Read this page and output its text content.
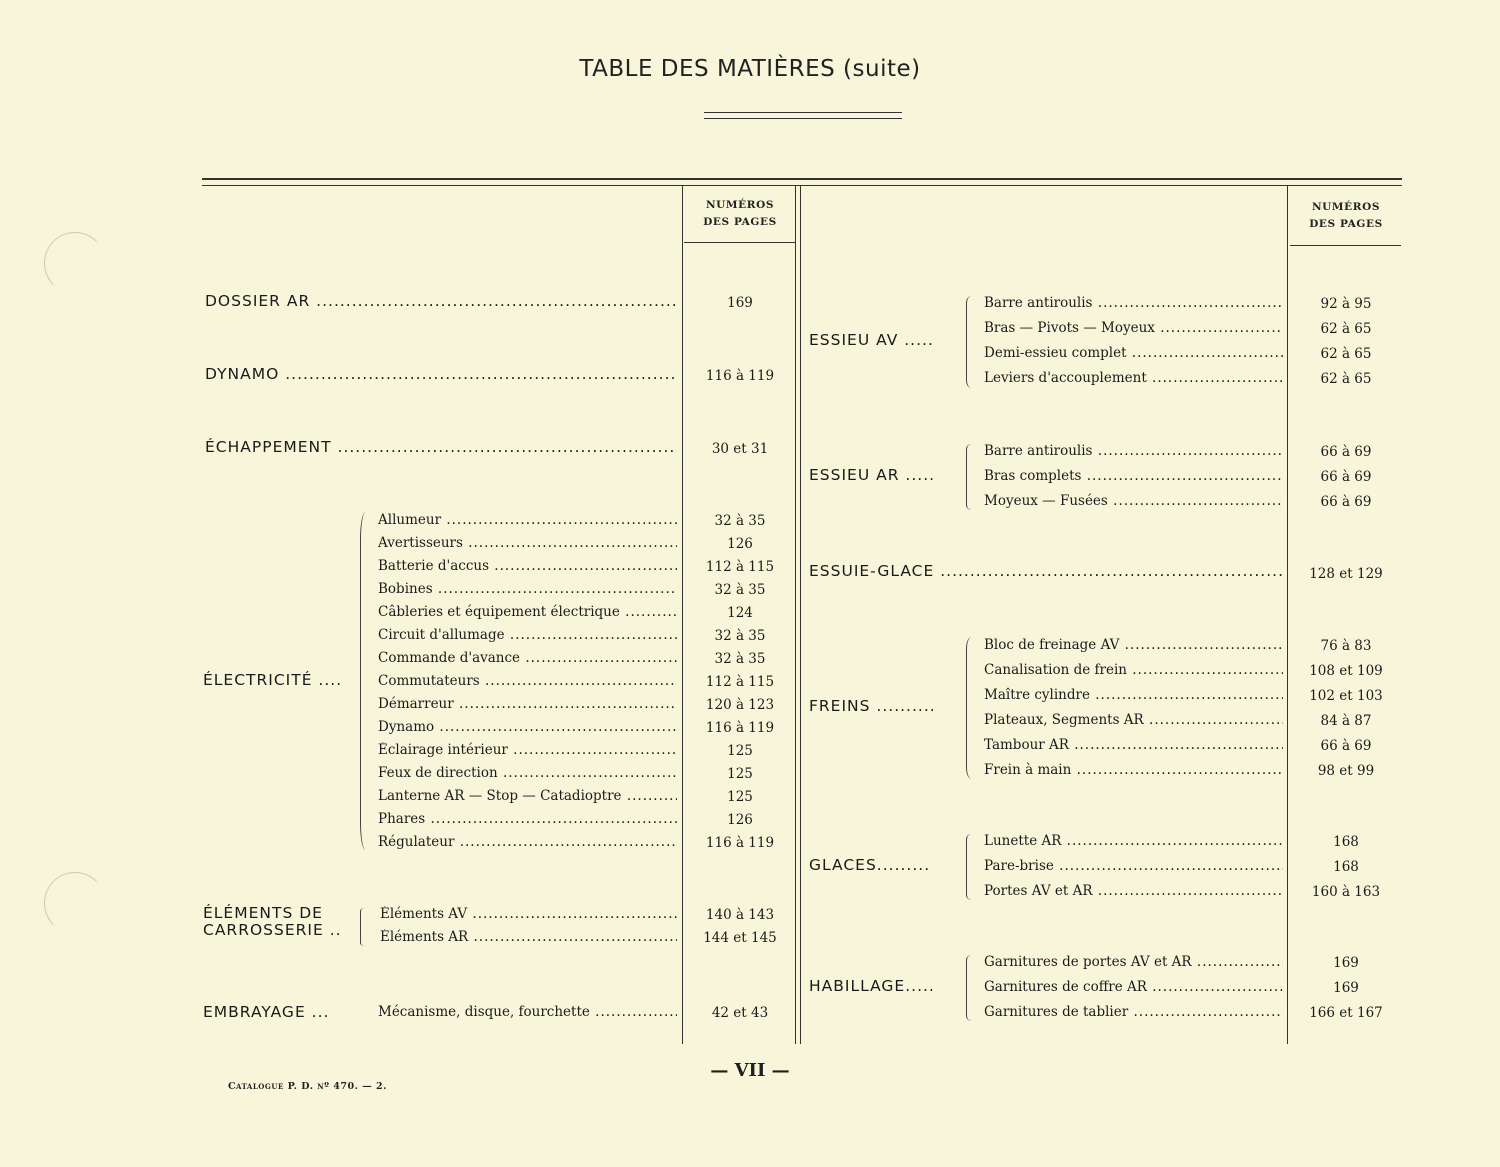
TABLE DES MATIÈRES (suite)
NUMÉROS
DES PAGES
NUMÉROS
DES PAGES
DOSSIER AR .....	169
DYNAMO .....	116 à 119
ÉCHAPPEMENT .....	30 et 31
ÉLECTRICITÉ ....
Allumeur .....	32 à 35
Avertisseurs .....	126
Batterie d'accus .....	112 à 115
Bobines .....	32 à 35
Câbleries et équipement électrique .....	124
Circuit d'allumage .....	32 à 35
Commande d'avance .....	32 à 35
Commutateurs .....	112 à 115
Démarreur .....	120 à 123
Dynamo .....	116 à 119
Éclairage intérieur .....	125
Feux de direction .....	125
Lanterne AR — Stop — Catadioptre .....	125
Phares .....	126
Régulateur .....	116 à 119
ÉLÉMENTS DE
CARROSSERIE ..
Éléments AV .....	140 à 143
Éléments AR .....	144 et 145
EMBRAYAGE ...	Mécanisme, disque, fourchette .....	42 et 43
ESSIEU AV .....
Barre antiroulis .....	92 à 95
Bras — Pivots — Moyeux .....	62 à 65
Demi-essieu complet .....	62 à 65
Leviers d'accouplement .....	62 à 65
ESSIEU AR .....
Barre antiroulis .....	66 à 69
Bras complets .....	66 à 69
Moyeux — Fusées .....	66 à 69
ESSUIE-GLACE .....	128 et 129
FREINS ..........
Bloc de freinage AV .....	76 à 83
Canalisation de frein .....	108 et 109
Maître cylindre .....	102 et 103
Plateaux, Segments AR .....	84 à 87
Tambour AR .....	66 à 69
Frein à main .....	98 et 99
GLACES.........
Lunette AR .....	168
Pare-brise .....	168
Portes AV et AR .....	160 à 163
HABILLAGE.....
Garnitures de portes AV et AR .....	169
Garnitures de coffre AR .....	169
Garnitures de tablier .....	166 et 167
— VII —
Catalogue P. D. nº 470. — 2.
